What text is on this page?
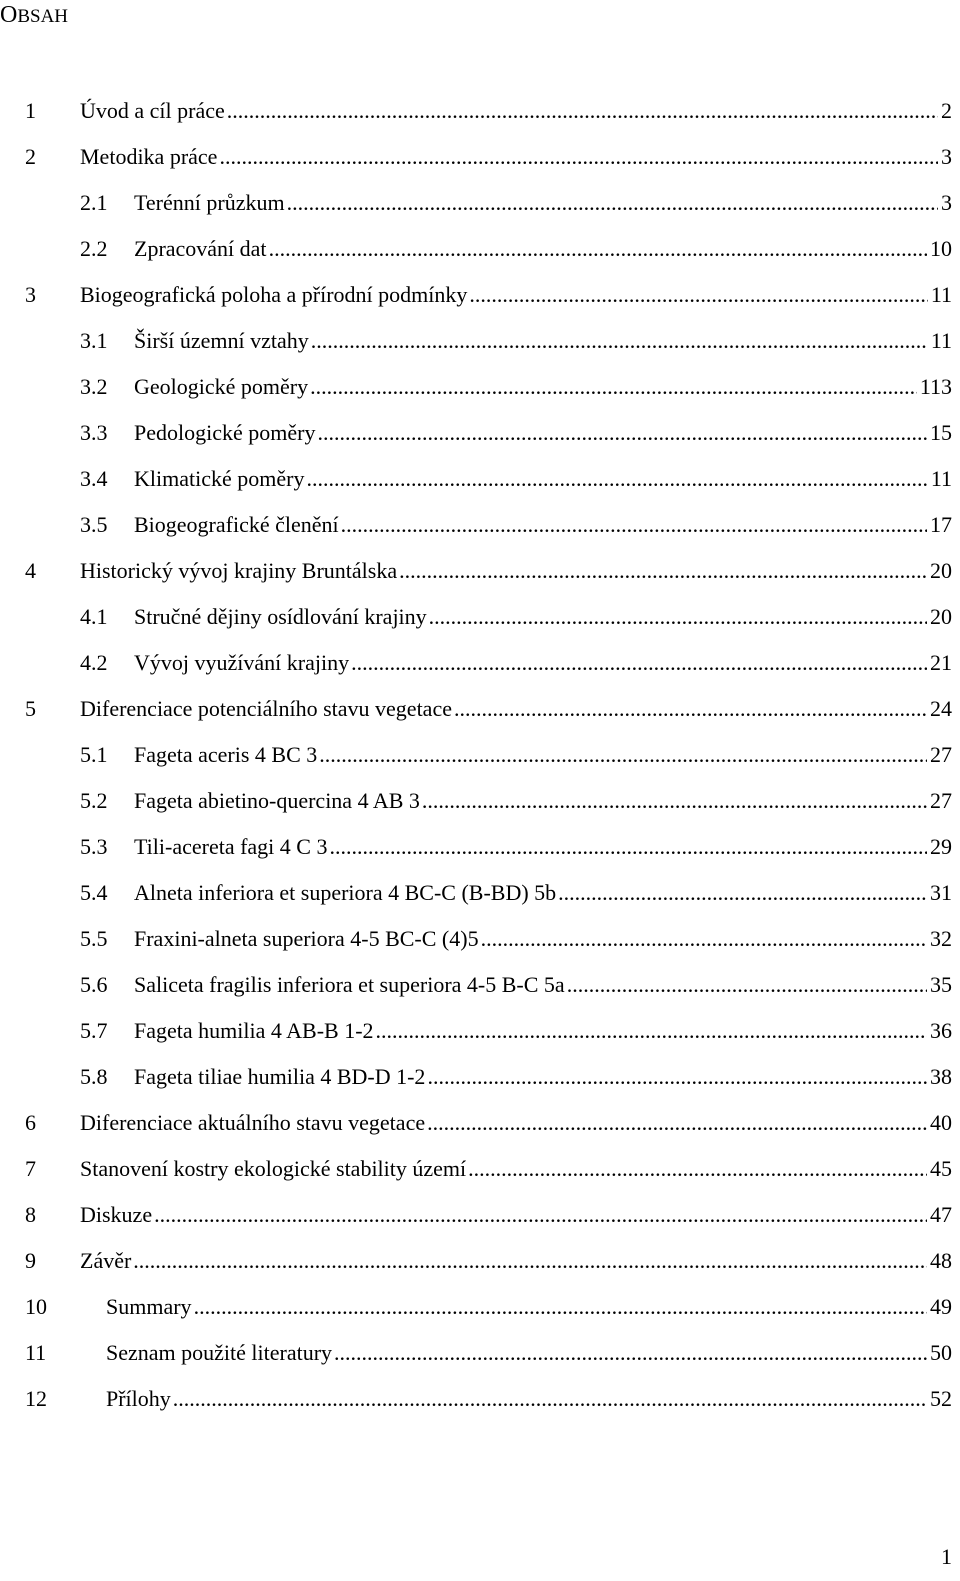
OBSAH
1 Úvod a cíl práce .....	2
2 Metodika práce .....	3
2.1 Terénní průzkum .....	3
2.2 Zpracování dat .....	10
3 Biogeografická poloha a přírodní podmínky .....	11
3.1 Širší územní vztahy .....	11
3.2 Geologické poměry .....	113
3.3 Pedologické poměry .....	15
3.4 Klimatické poměry .....	11
3.5 Biogeografické členění .....	17
4 Historický vývoj krajiny Bruntálska .....	20
4.1 Stručné dějiny osídlování krajiny .....	20
4.2 Vývoj využívání krajiny .....	21
5 Diferenciace potenciálního stavu vegetace .....	24
5.1 Fageta aceris 4 BC 3 .....	27
5.2 Fageta abietino-quercina 4 AB 3 .....	27
5.3 Tili-acereta fagi 4 C 3 .....	29
5.4 Alneta inferiora et superiora 4 BC-C (B-BD) 5b .....	31
5.5 Fraxini-alneta superiora 4-5 BC-C (4)5 .....	32
5.6 Saliceta fragilis inferiora et superiora 4-5 B-C 5a .....	35
5.7 Fageta humilia 4 AB-B 1-2 .....	36
5.8 Fageta tiliae humilia 4 BD-D 1-2 .....	38
6 Diferenciace aktuálního stavu vegetace .....	40
7 Stanovení kostry ekologické stability území .....	45
8 Diskuze .....	47
9 Závěr .....	48
10	Summary .....	49
11	Seznam použité literatury .....	50
12	Přílohy .....	52
1
